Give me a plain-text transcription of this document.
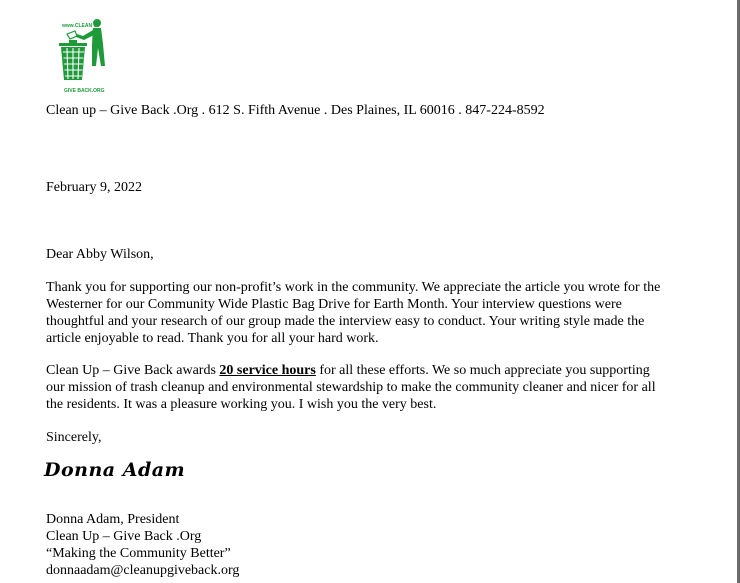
www.CLEAN UP
GIVE BACK.ORG
Clean up – Give Back .Org . 612 S. Fifth Avenue . Des Plaines, IL 60016 . 847-224-8592
February 9, 2022
Dear Abby Wilson,
Thank you for supporting our non-profit’s work in the community. We appreciate the article you wrote for the
Westerner for our Community Wide Plastic Bag Drive for Earth Month. Your interview questions were
thoughtful and your research of our group made the interview easy to conduct. Your writing style made the
article enjoyable to read. Thank you for all your hard work.
Clean Up – Give Back awards 20 service hours for all these efforts. We so much appreciate you supporting
our mission of trash cleanup and environmental stewardship to make the community cleaner and nicer for all
the residents. It was a pleasure working you. I wish you the very best.
Sincerely,
Donna Adam
Donna Adam, President
Clean Up – Give Back .Org
“Making the Community Better”
donnaadam@cleanupgiveback.org
